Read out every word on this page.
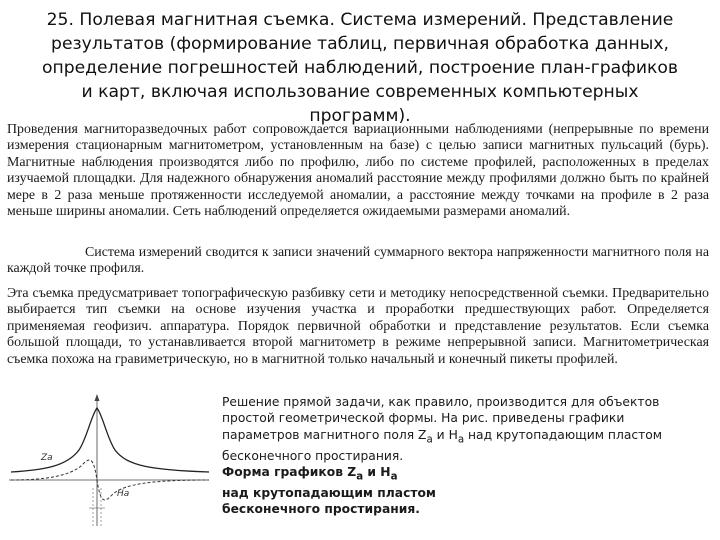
25. Полевая магнитная съемка. Система измерений. Представление результатов (формирование таблиц, первичная обработка данных, определение погрешностей наблюдений, построение план-графиков и карт, включая использование современных компьютерных программ).
Проведения магниторазведочных работ сопровождается вариационными наблюдениями (непрерывные по времени измерения стационарным магнитометром, установленным на базе) с целью записи магнитных пульсаций (бурь). Магнитные наблюдения производятся либо по профилю, либо по системе профилей, расположенных в пределах изучаемой площадки. Для надежного обнаружения аномалий расстояние между профилями должно быть по крайней мере в 2 раза меньше протяженности исследуемой аномалии, а расстояние между точками на профиле в 2 раза меньше ширины аномалии. Сеть наблюдений определяется ожидаемыми размерами аномалий.
Система измерений сводится к записи значений суммарного вектора напряженности магнитного поля на каждой точке профиля.
Эта съемка предусматривает топографическую разбивку сети и методику непосредственной съемки. Предварительно выбирается тип съемки на основе изучения участка и проработки предшествующих работ. Определяется применяемая геофизич. аппаратура. Порядок первичной обработки и представление результатов. Если съемка большой площади, то устанавливается второй магнитометр в режиме непрерывной записи. Магнитометрическая съемка похожа на гравиметрическую, но в магнитной только начальный и конечный пикеты профилей.
Za
Ha
Решение прямой задачи, как правило, производится для объектов
простой геометрической формы. На рис. приведены графики
параметров магнитного поля $Z_a$ и $H_a$ над крутопадающим пластом
бесконечного простирания.
Форма графиков $Z_a$ и $H_a$
над крутопадающим пластом
бесконечного простирания.
